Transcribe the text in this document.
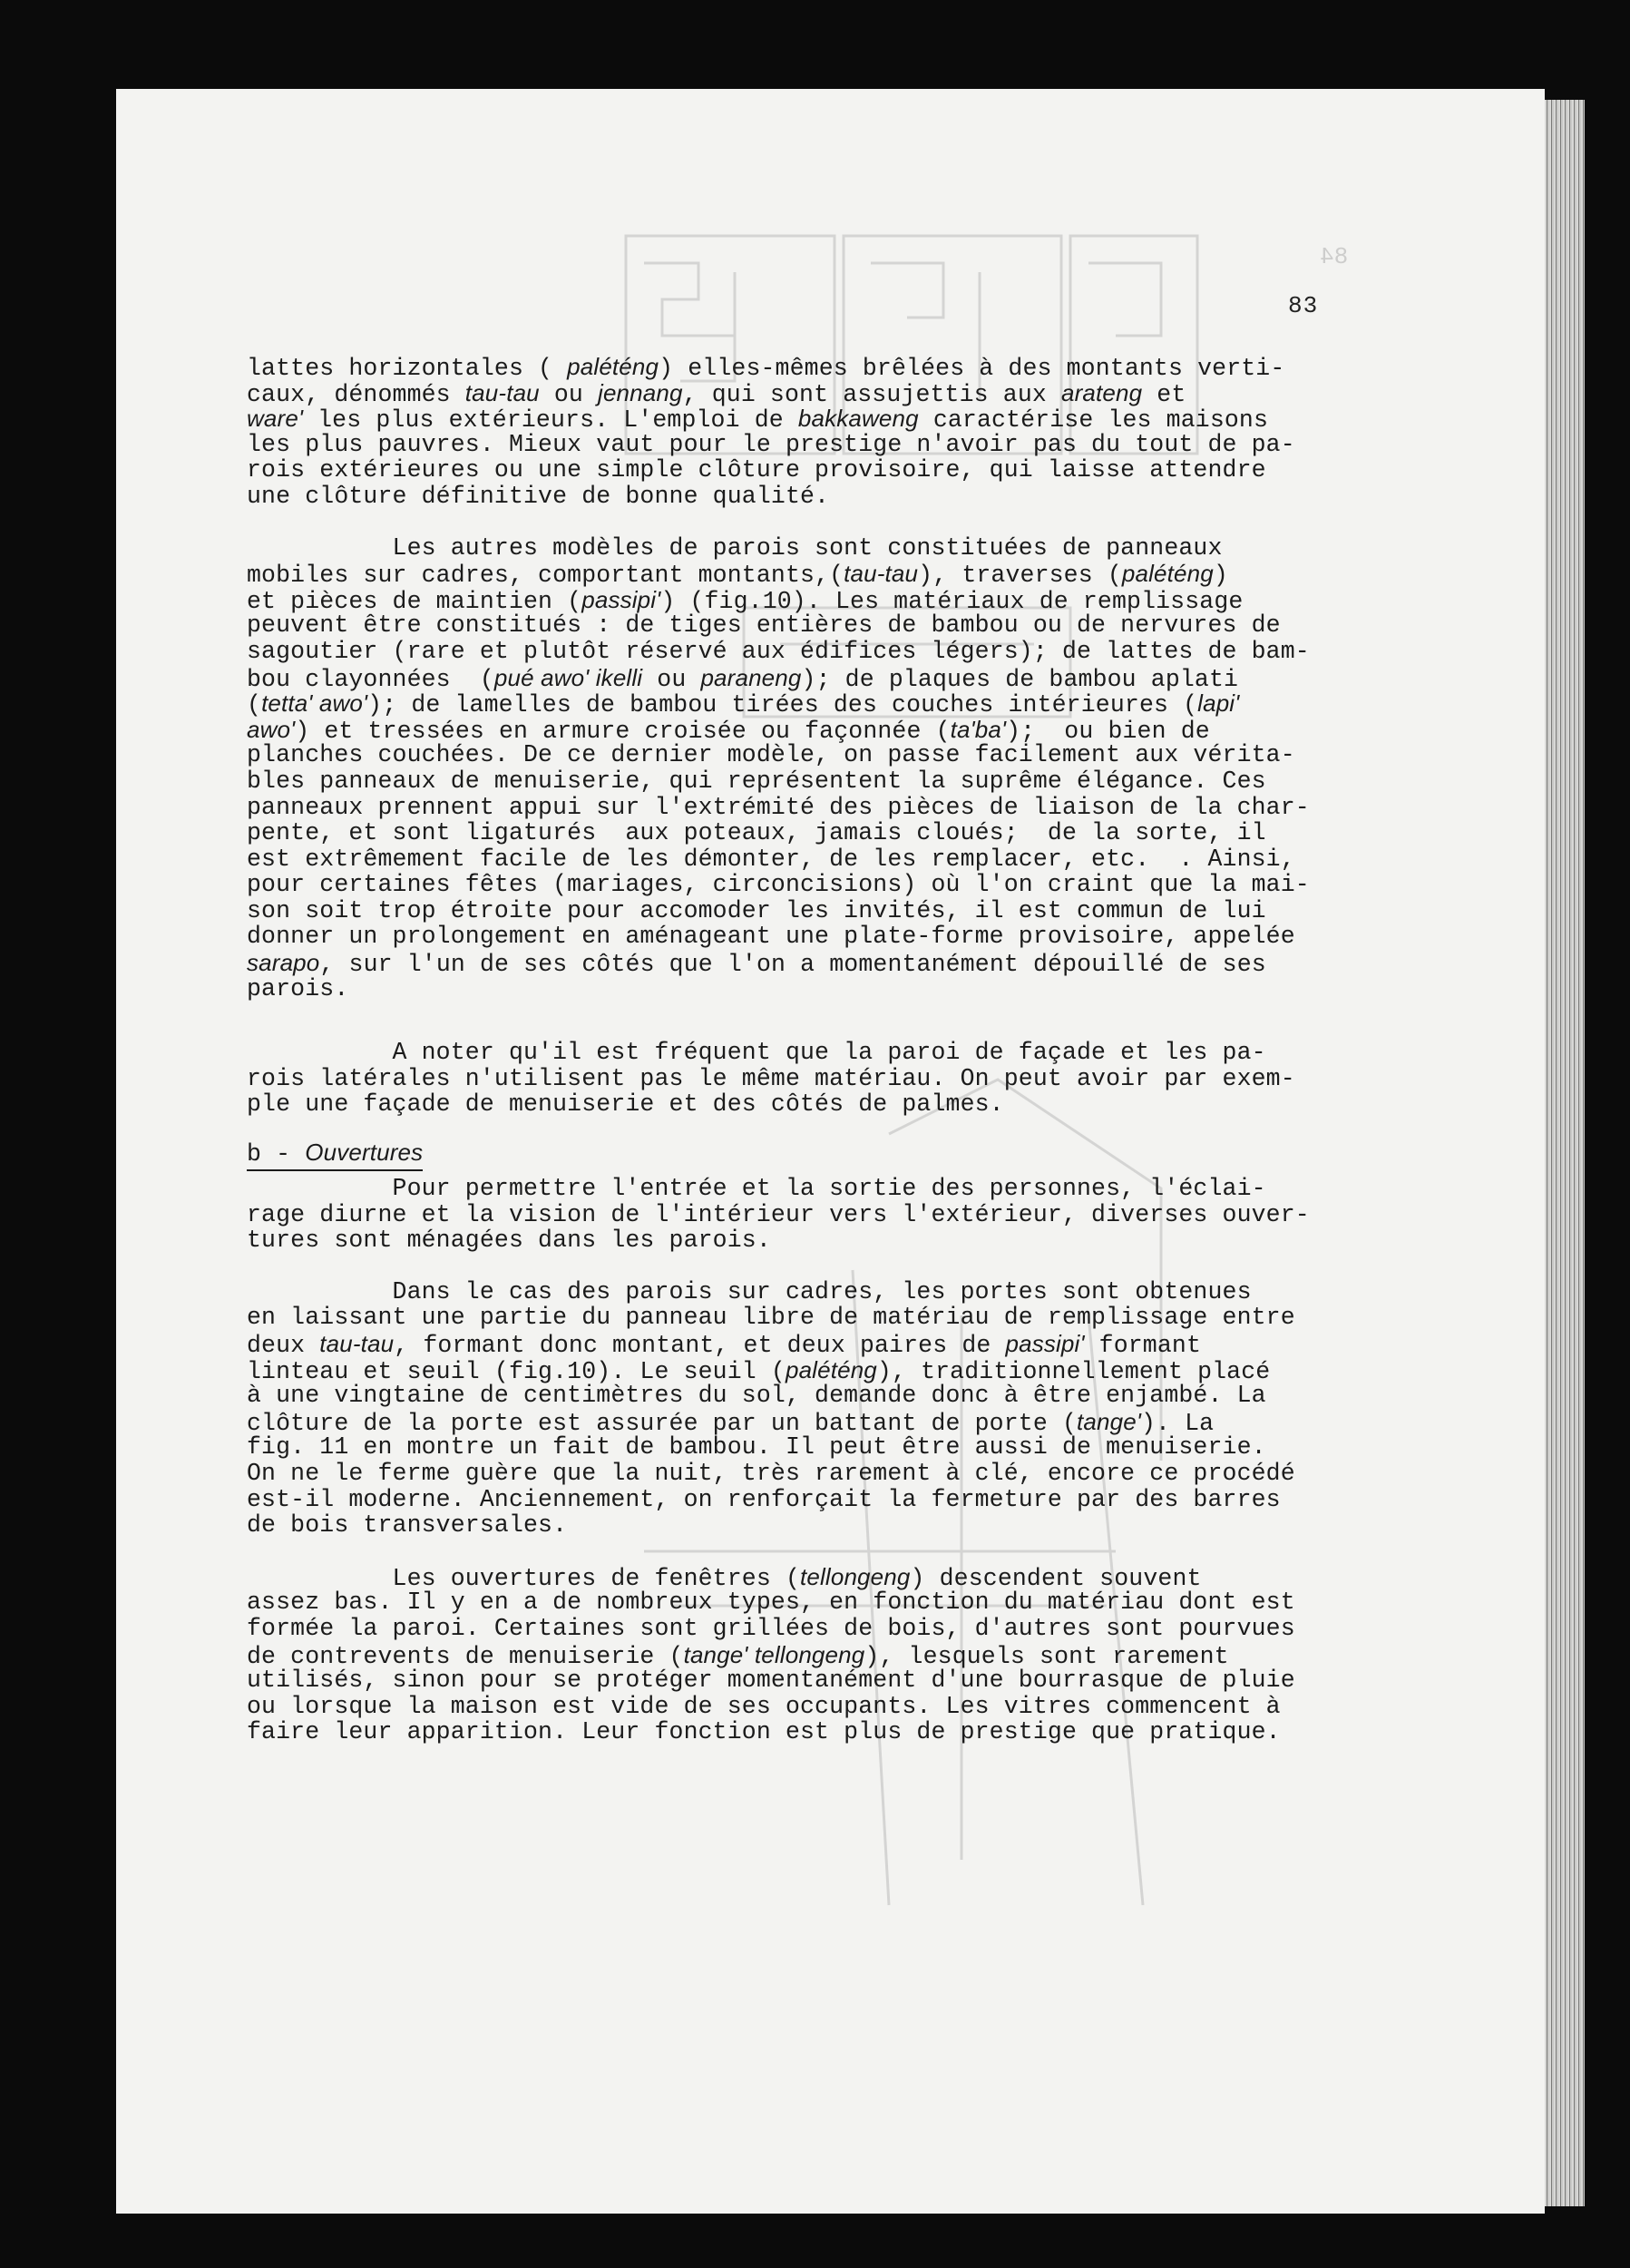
84
83
lattes horizontales ( paléténg) elles-mêmes brêlées à des montants verti-
caux, dénommés tau-tau ou jennang, qui sont assujettis aux arateng et
ware' les plus extérieurs. L'emploi de bakkaweng caractérise les maisons
les plus pauvres. Mieux vaut pour le prestige n'avoir pas du tout de pa-
rois extérieures ou une simple clôture provisoire, qui laisse attendre
une clôture définitive de bonne qualité.
Les autres modèles de parois sont constituées de panneaux
mobiles sur cadres, comportant montants,(tau-tau), traverses (paléténg)
et pièces de maintien (passipi') (fig.10). Les matériaux de remplissage
peuvent être constitués : de tiges entières de bambou ou de nervures de
sagoutier (rare et plutôt réservé aux édifices légers); de lattes de bam-
bou clayonnées  (pué awo' ikelli ou paraneng); de plaques de bambou aplati
(tetta' awo'); de lamelles de bambou tirées des couches intérieures (lapi'
awo') et tressées en armure croisée ou façonnée (ta'ba');  ou bien de
planches couchées. De ce dernier modèle, on passe facilement aux vérita-
bles panneaux de menuiserie, qui représentent la suprême élégance. Ces
panneaux prennent appui sur l'extrémité des pièces de liaison de la char-
pente, et sont ligaturés  aux poteaux, jamais cloués;  de la sorte, il
est extrêmement facile de les démonter, de les remplacer, etc.  . Ainsi,
pour certaines fêtes (mariages, circoncisions) où l'on craint que la mai-
son soit trop étroite pour accomoder les invités, il est commun de lui
donner un prolongement en aménageant une plate-forme provisoire, appelée
sarapo, sur l'un de ses côtés que l'on a momentanément dépouillé de ses
parois.
A noter qu'il est fréquent que la paroi de façade et les pa-
rois latérales n'utilisent pas le même matériau. On peut avoir par exem-
ple une façade de menuiserie et des côtés de palmes.
b - Ouvertures
Pour permettre l'entrée et la sortie des personnes, l'éclai-
rage diurne et la vision de l'intérieur vers l'extérieur, diverses ouver-
tures sont ménagées dans les parois.
Dans le cas des parois sur cadres, les portes sont obtenues
en laissant une partie du panneau libre de matériau de remplissage entre
deux tau-tau, formant donc montant, et deux paires de passipi' formant
linteau et seuil (fig.10). Le seuil (paléténg), traditionnellement placé
à une vingtaine de centimètres du sol, demande donc à être enjambé. La
clôture de la porte est assurée par un battant de porte (tange'). La
fig. 11 en montre un fait de bambou. Il peut être aussi de menuiserie.
On ne le ferme guère que la nuit, très rarement à clé, encore ce procédé
est-il moderne. Anciennement, on renforçait la fermeture par des barres
de bois transversales.
Les ouvertures de fenêtres (tellongeng) descendent souvent
assez bas. Il y en a de nombreux types, en fonction du matériau dont est
formée la paroi. Certaines sont grillées de bois, d'autres sont pourvues
de contrevents de menuiserie (tange' tellongeng), lesquels sont rarement
utilisés, sinon pour se protéger momentanément d'une bourrasque de pluie
ou lorsque la maison est vide de ses occupants. Les vitres commencent à
faire leur apparition. Leur fonction est plus de prestige que pratique.
